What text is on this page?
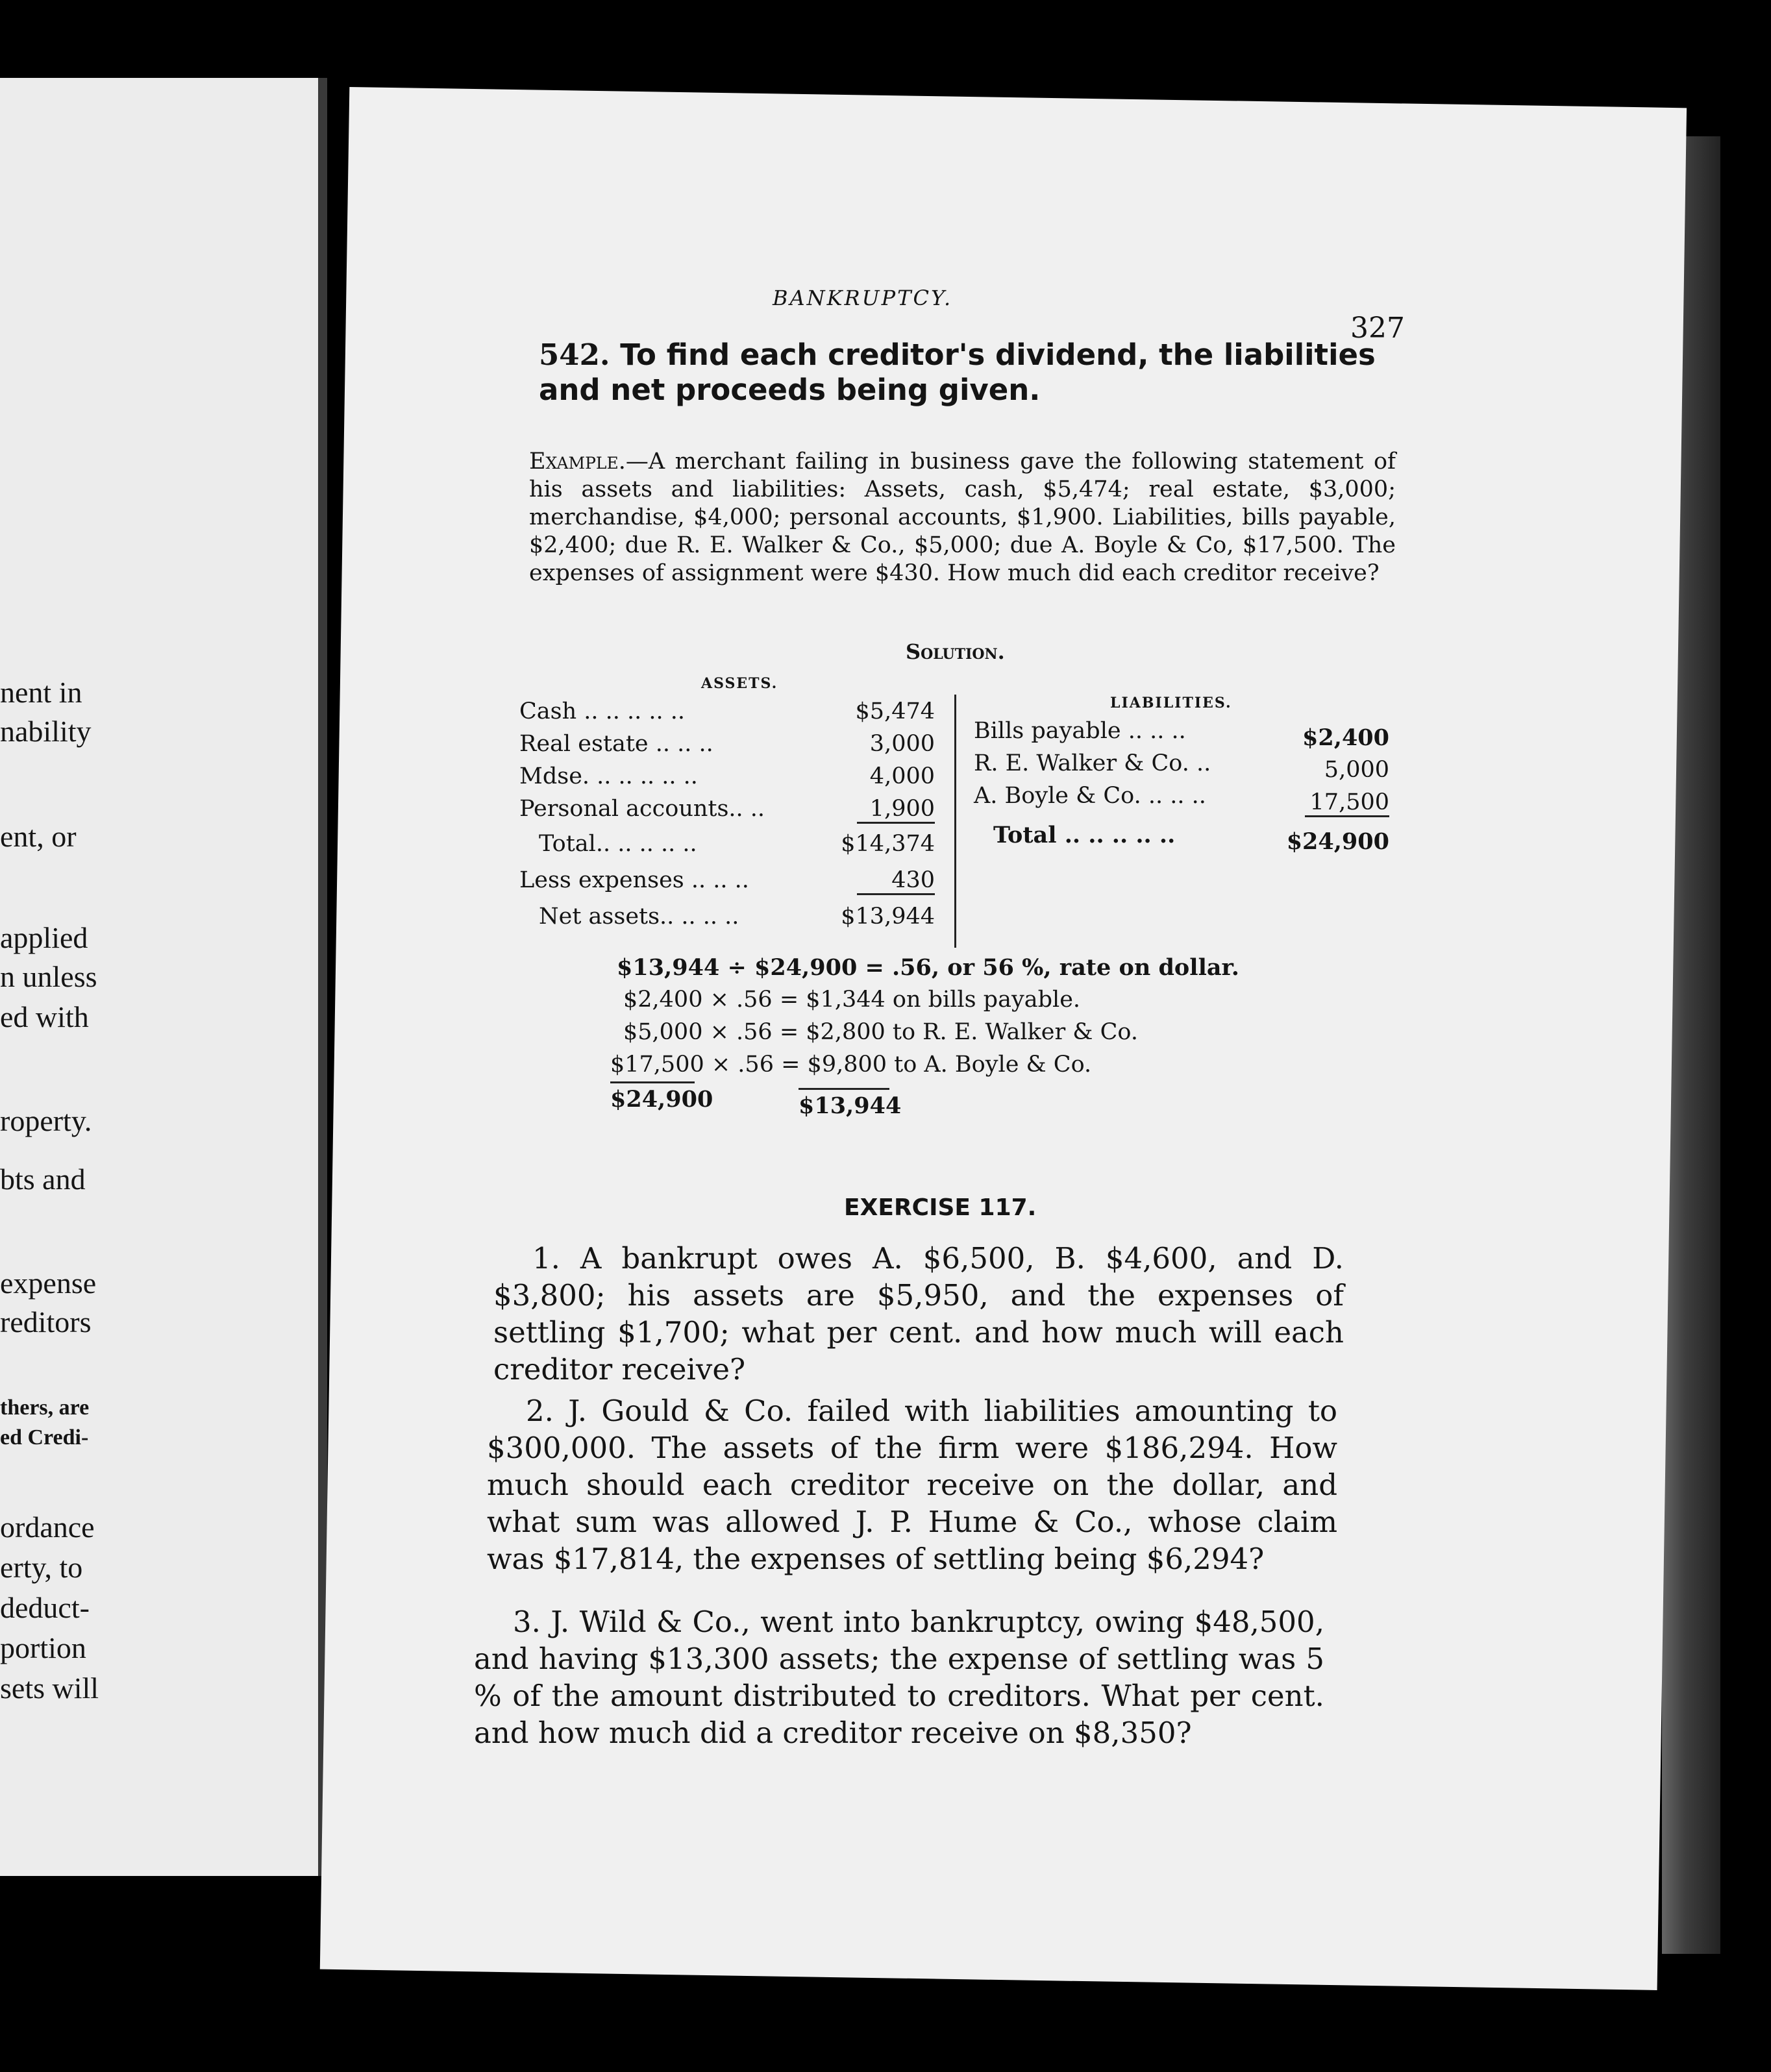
nent in
nability
ent, or
applied
n unless
ed with
roperty.
bts and
expense
reditors
thers, are
ed Credi-
ordance
erty, to
deduct-
portion
sets will
BANKRUPTCY.
327
542. To find each creditor's dividend, the liabilities and net proceeds being given.
Example.—A merchant failing in business gave the following statement of his assets and liabilities: Assets, cash, $5,474; real estate, $3,000; merchandise, $4,000; personal accounts, $1,900. Liabilities, bills payable, $2,400; due R. E. Walker & Co., $5,000; due A. Boyle & Co, $17,500. The expenses of assignment were $430. How much did each creditor receive?
Solution.
ASSETS.
Cash .. .. .. .. ..	$5,474
Real estate .. .. ..	3,000
Mdse. .. .. .. .. ..	4,000
Personal accounts.. ..	1,900
Total.. .. .. .. ..	$14,374
Less expenses .. .. ..	430
Net assets.. .. .. ..	$13,944
LIABILITIES.
Bills payable .. .. ..	$2,400
R. E. Walker & Co. ..	5,000
A. Boyle & Co. .. .. ..	17,500
Total .. .. .. .. ..	$24,900
$13,944 ÷ $24,900 = .56, or 56 %, rate on dollar.
$2,400 × .56 = $1,344 on bills payable.
$5,000 × .56 = $2,800 to R. E. Walker & Co.
$17,500 × .56 = $9,800 to A. Boyle & Co.
$24,900	$13,944
EXERCISE 117.
1. A bankrupt owes A. $6,500, B. $4,600, and D. $3,800; his assets are $5,950, and the expenses of settling $1,700; what per cent. and how much will each creditor receive?
2. J. Gould & Co. failed with liabilities amounting to $300,000. The assets of the firm were $186,294. How much should each creditor receive on the dollar, and what sum was allowed J. P. Hume & Co., whose claim was $17,814, the expenses of settling being $6,294?
3. J. Wild & Co., went into bankruptcy, owing $48,500, and having $13,300 assets; the expense of settling was 5 % of the amount distributed to creditors. What per cent. and how much did a creditor receive on $8,350?
